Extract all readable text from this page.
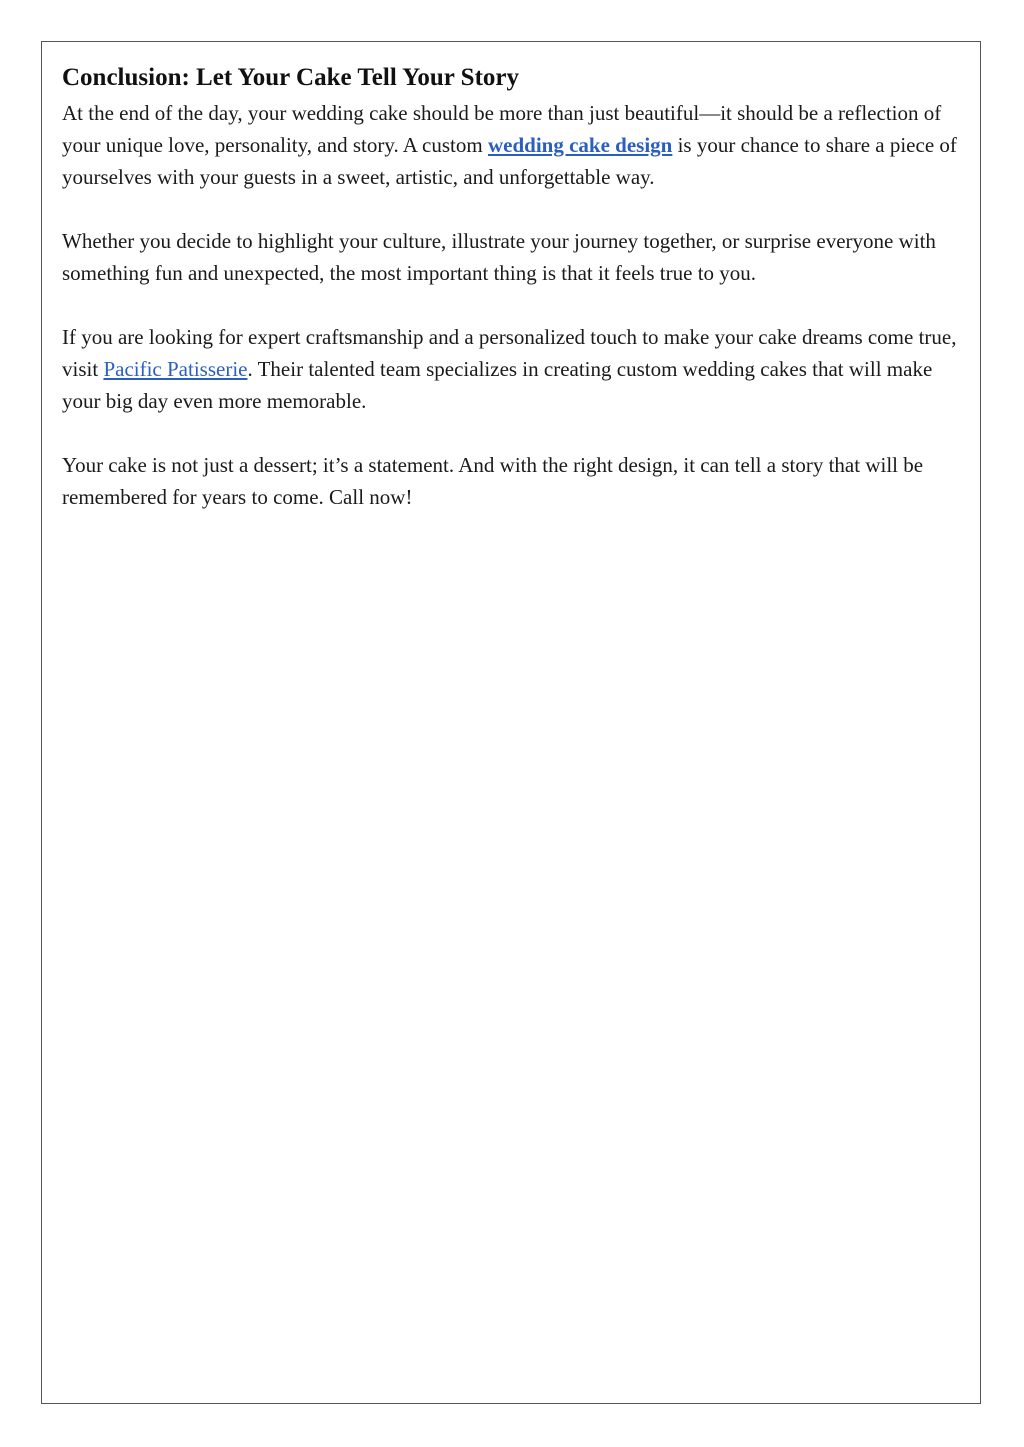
Conclusion: Let Your Cake Tell Your Story

At the end of the day, your wedding cake should be more than just beautiful—it should be a reflection of your unique love, personality, and story. A custom wedding cake design is your chance to share a piece of yourselves with your guests in a sweet, artistic, and unforgettable way.

Whether you decide to highlight your culture, illustrate your journey together, or surprise everyone with something fun and unexpected, the most important thing is that it feels true to you.

If you are looking for expert craftsmanship and a personalized touch to make your cake dreams come true, visit Pacific Patisserie. Their talented team specializes in creating custom wedding cakes that will make your big day even more memorable.

Your cake is not just a dessert; it’s a statement. And with the right design, it can tell a story that will be remembered for years to come. Call now!
